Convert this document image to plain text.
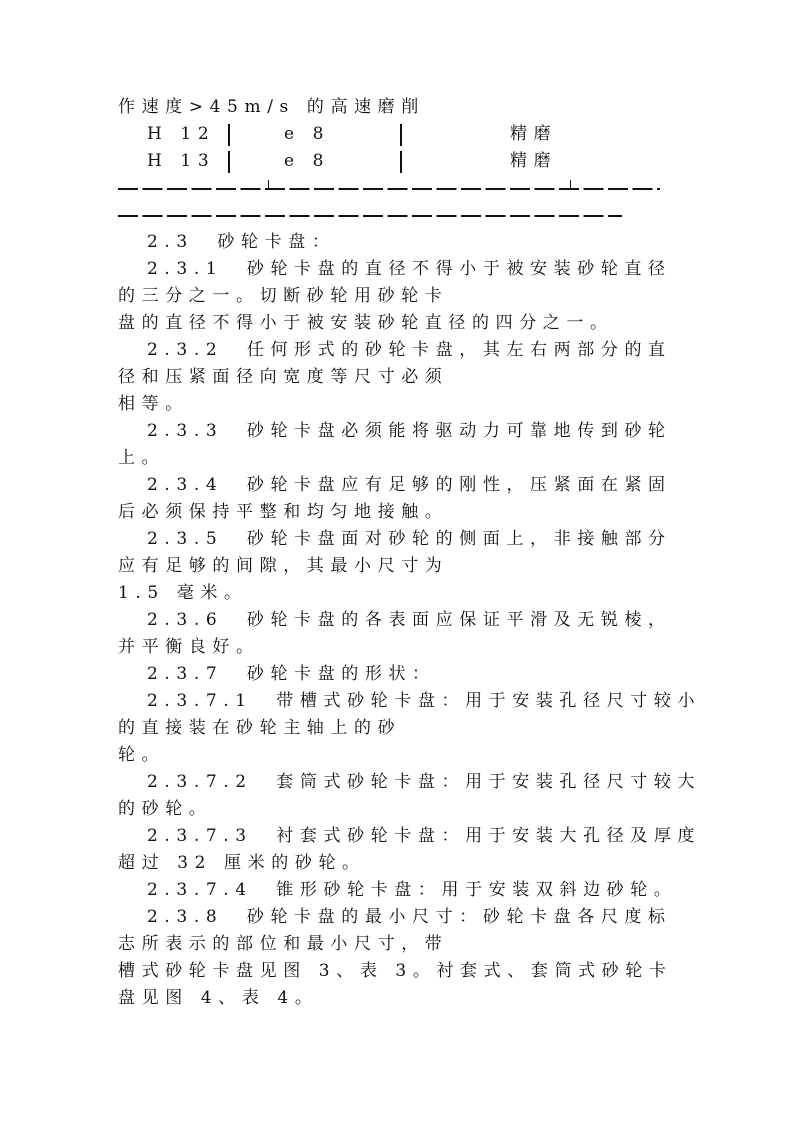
作速度>45m/s 的高速磨削
H 12	e 8	精磨
H 13	e 8	精磨
2.3　砂轮卡盘：
2.3.1　砂轮卡盘的直径不得小于被安装砂轮直径
的三分之一。切断砂轮用砂轮卡
盘的直径不得小于被安装砂轮直径的四分之一。
2.3.2　任何形式的砂轮卡盘，其左右两部分的直
径和压紧面径向宽度等尺寸必须
相等。
2.3.3　砂轮卡盘必须能将驱动力可靠地传到砂轮
上。
2.3.4　砂轮卡盘应有足够的刚性，压紧面在紧固
后必须保持平整和均匀地接触。
2.3.5　砂轮卡盘面对砂轮的侧面上，非接触部分
应有足够的间隙，其最小尺寸为
1.5 毫米。
2.3.6　砂轮卡盘的各表面应保证平滑及无锐棱，
并平衡良好。
2.3.7　砂轮卡盘的形状：
2.3.7.1　带槽式砂轮卡盘：用于安装孔径尺寸较小
的直接装在砂轮主轴上的砂
轮。
2.3.7.2　套筒式砂轮卡盘：用于安装孔径尺寸较大
的砂轮。
2.3.7.3　衬套式砂轮卡盘：用于安装大孔径及厚度
超过 32 厘米的砂轮。
2.3.7.4　锥形砂轮卡盘：用于安装双斜边砂轮。
2.3.8　砂轮卡盘的最小尺寸：砂轮卡盘各尺度标
志所表示的部位和最小尺寸，带
槽式砂轮卡盘见图 3、表 3。衬套式、套筒式砂轮卡
盘见图 4、表 4。
